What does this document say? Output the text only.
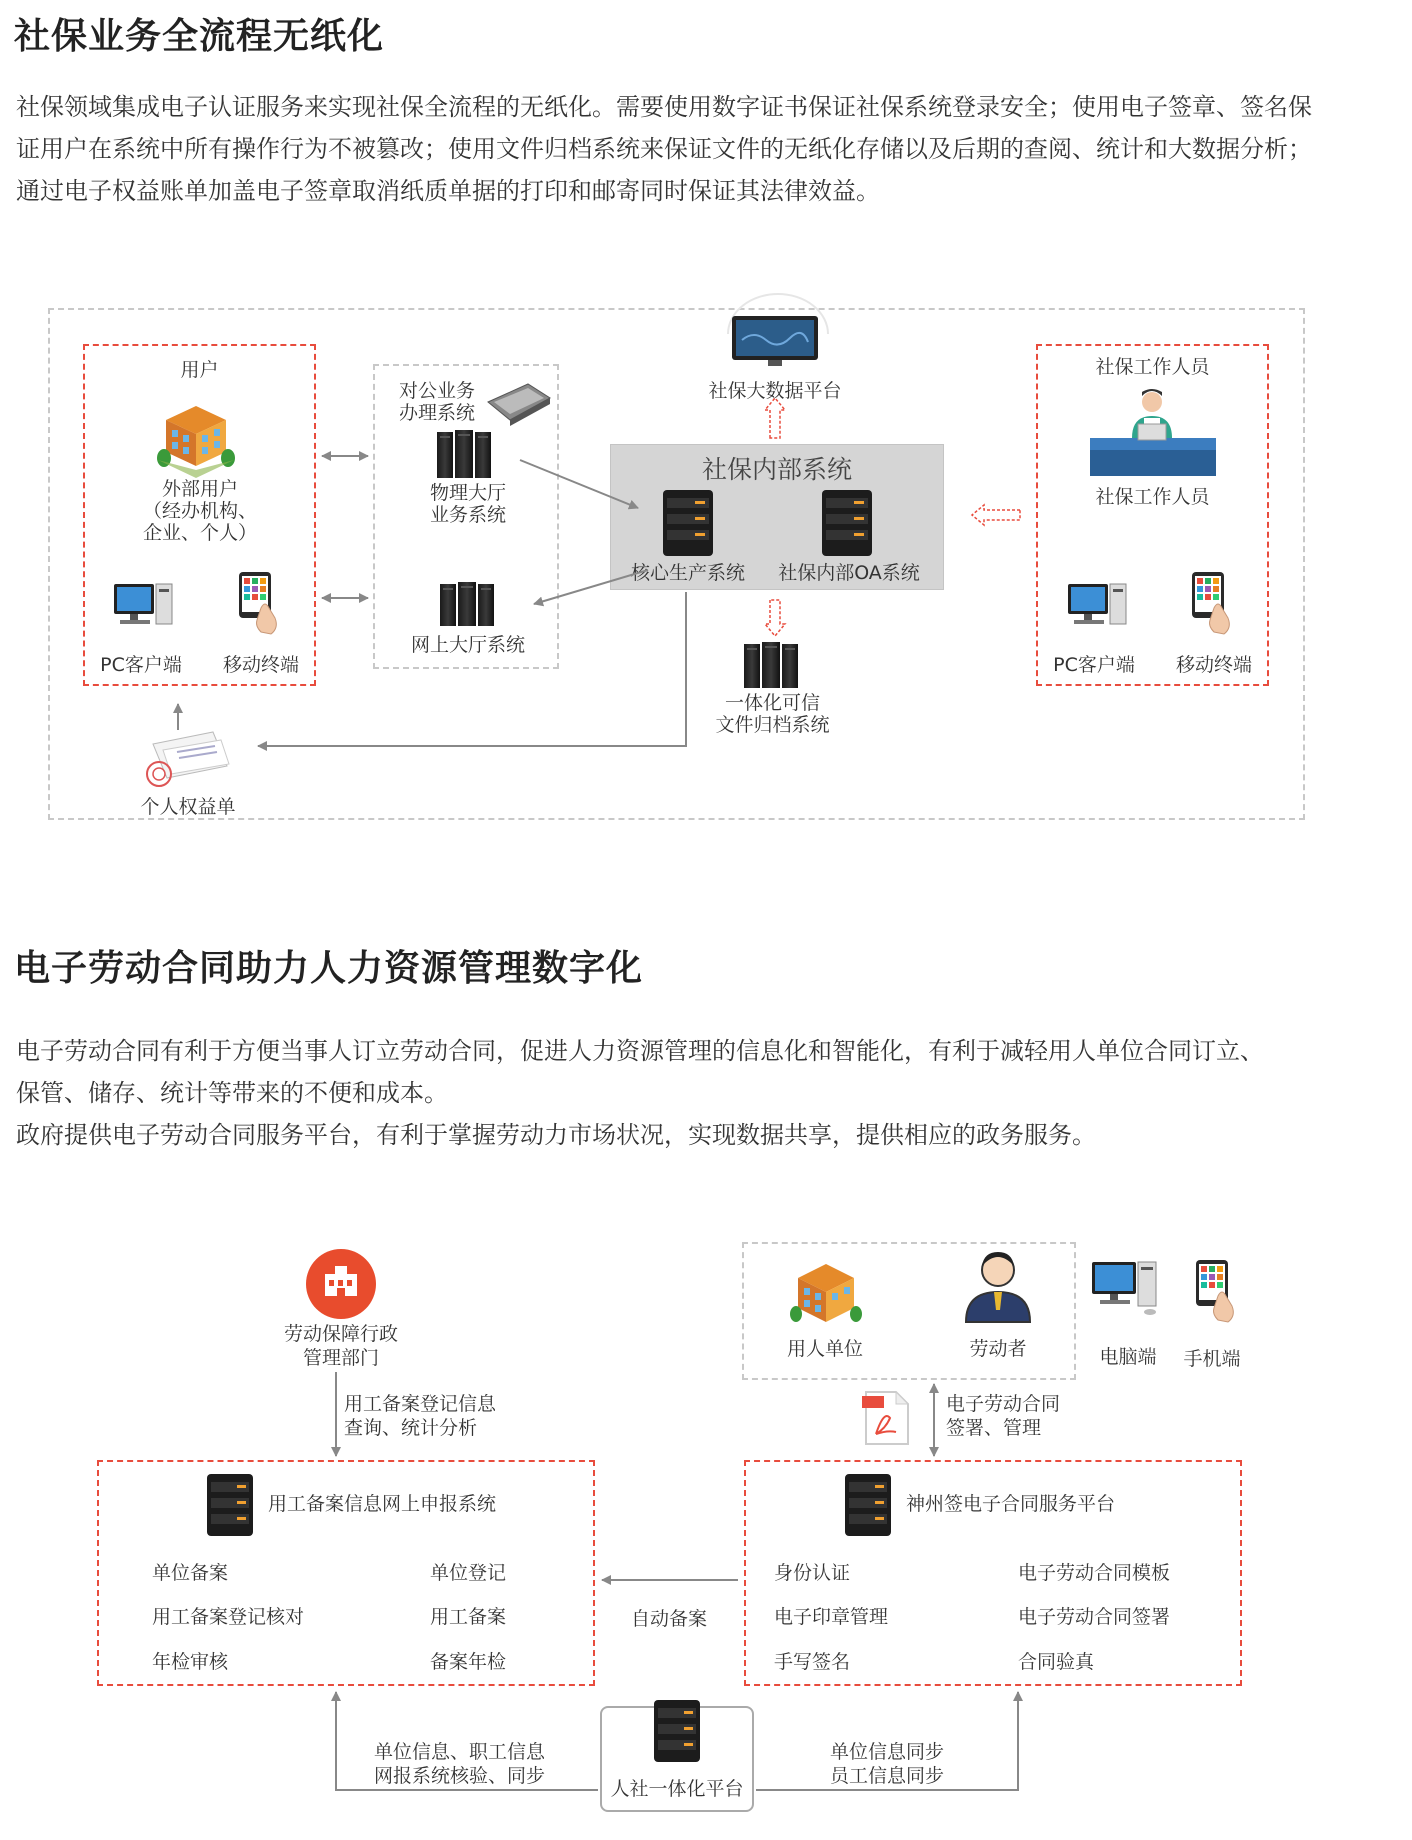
社保业务全流程无纸化
社保领域集成电子认证服务来实现社保全流程的无纸化。需要使用数字证书保证社保系统登录安全；使用电子签章、签名保
证用户在系统中所有操作行为不被篡改；使用文件归档系统来保证文件的无纸化存储以及后期的查阅、统计和大数据分析；
通过电子权益账单加盖电子签章取消纸质单据的打印和邮寄同时保证其法律效益。
用户
外部用户
（经办机构、
企业、个人）
PC客户端	移动终端
对公业务
办理系统
物理大厅
业务系统
网上大厅系统
社保大数据平台
社保内部系统
核心生产系统	社保内部OA系统
一体化可信
文件归档系统
个人权益单
社保工作人员
社保工作人员
PC客户端	移动终端
电子劳动合同助力人力资源管理数字化
电子劳动合同有利于方便当事人订立劳动合同，促进人力资源管理的信息化和智能化，有利于减轻用人单位合同订立、
保管、储存、统计等带来的不便和成本。
政府提供电子劳动合同服务平台，有利于掌握劳动力市场状况，实现数据共享，提供相应的政务服务。
劳动保障行政
管理部门
用工备案登记信息
查询、统计分析
用人单位	劳动者	电脑端	手机端
电子劳动合同
签署、管理
用工备案信息网上申报系统
单位备案	单位登记
用工备案登记核对	用工备案
年检审核	备案年检
神州签电子合同服务平台
身份认证	电子劳动合同模板
电子印章管理	电子劳动合同签署
手写签名	合同验真
自动备案
人社一体化平台
单位信息、职工信息
网报系统核验、同步
单位信息同步
员工信息同步
